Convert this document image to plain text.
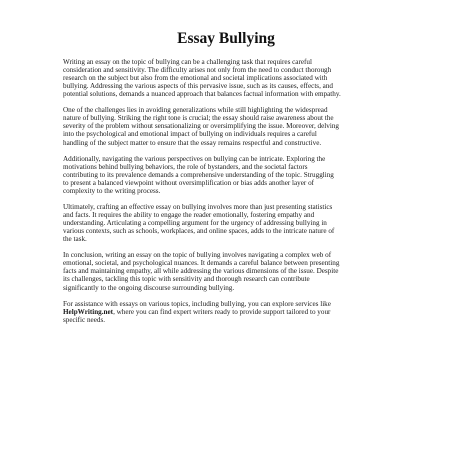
Essay Bullying
Writing an essay on the topic of bullying can be a challenging task that requires careful
consideration and sensitivity. The difficulty arises not only from the need to conduct thorough
research on the subject but also from the emotional and societal implications associated with
bullying. Addressing the various aspects of this pervasive issue, such as its causes, effects, and
potential solutions, demands a nuanced approach that balances factual information with empathy.
One of the challenges lies in avoiding generalizations while still highlighting the widespread
nature of bullying. Striking the right tone is crucial; the essay should raise awareness about the
severity of the problem without sensationalizing or oversimplifying the issue. Moreover, delving
into the psychological and emotional impact of bullying on individuals requires a careful
handling of the subject matter to ensure that the essay remains respectful and constructive.
Additionally, navigating the various perspectives on bullying can be intricate. Exploring the
motivations behind bullying behaviors, the role of bystanders, and the societal factors
contributing to its prevalence demands a comprehensive understanding of the topic. Struggling
to present a balanced viewpoint without oversimplification or bias adds another layer of
complexity to the writing process.
Ultimately, crafting an effective essay on bullying involves more than just presenting statistics
and facts. It requires the ability to engage the reader emotionally, fostering empathy and
understanding. Articulating a compelling argument for the urgency of addressing bullying in
various contexts, such as schools, workplaces, and online spaces, adds to the intricate nature of
the task.
In conclusion, writing an essay on the topic of bullying involves navigating a complex web of
emotional, societal, and psychological nuances. It demands a careful balance between presenting
facts and maintaining empathy, all while addressing the various dimensions of the issue. Despite
its challenges, tackling this topic with sensitivity and thorough research can contribute
significantly to the ongoing discourse surrounding bullying.
For assistance with essays on various topics, including bullying, you can explore services like
HelpWriting.net, where you can find expert writers ready to provide support tailored to your
specific needs.
